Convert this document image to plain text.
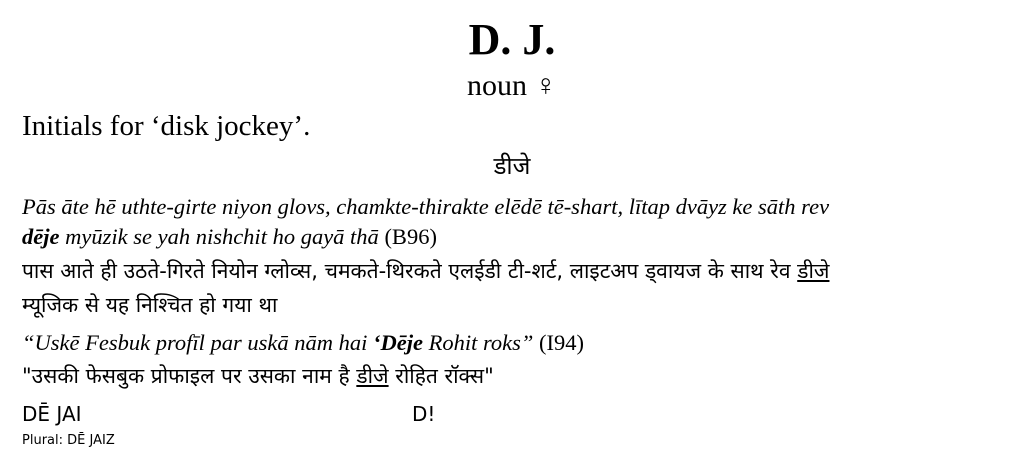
D. J.
noun ♀
Initials for ‘disk jockey’.
डीजे
Pās āte hē uthte-girte niyon glovs, chamkte-thirakte elēdē tē-shart, lītap dvāyz ke sāth rev
dēje myūzik se yah nishchit ho gayā thā (B96)
पास आते ही उठते-गिरते नियोन ग्लोव्स, चमकते-थिरकते एलईडी टी-शर्ट, लाइटअप ड्वायज के साथ रेव डीजे
म्यूजिक से यह निश्चित हो गया था
“Uskē Fesbuk profīl par uskā nām hai ‘Dēje Rohit roks” (I94)
"उसकी फेसबुक प्रोफाइल पर उसका नाम है डीजे रोहित रॉक्स"
DĒ JAI	D!
Plural: DĒ JAIZ
